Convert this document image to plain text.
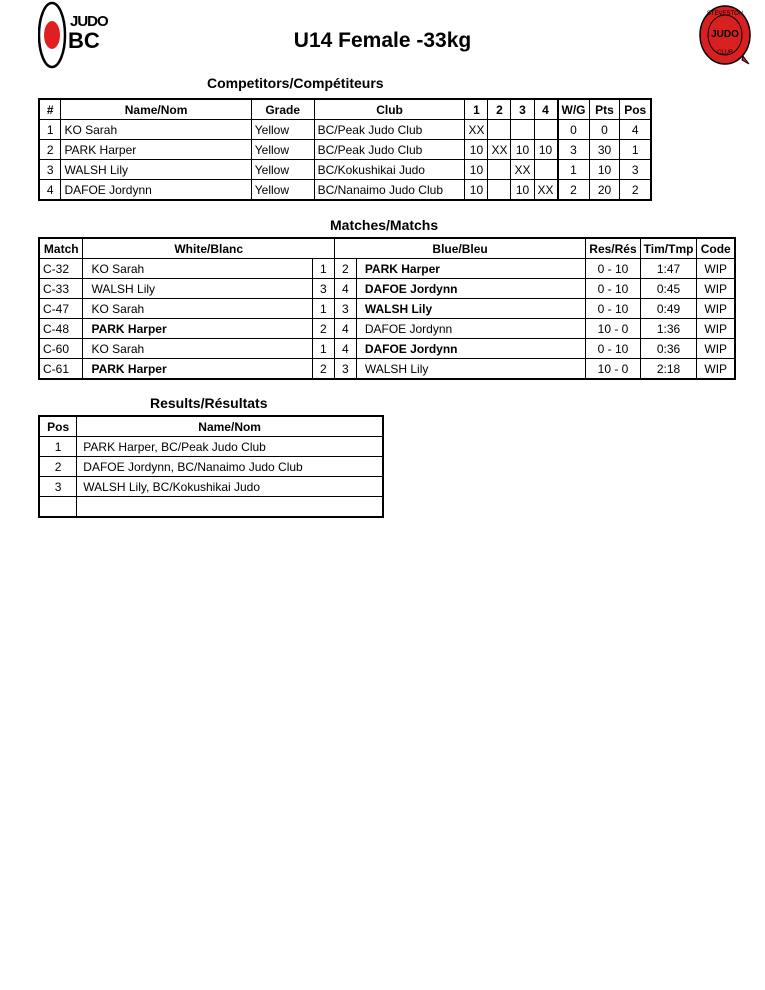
JUDO
BC	U14 Female -33kg
STEVESTON
JUDO
CLUB
Competitors/Compétiteurs
#	Name/Nom	Grade	Club	1	2	3	4	W/G	Pts	Pos
1	KO Sarah	Yellow	BC/Peak Judo Club	XX				0	0	4
2	PARK Harper	Yellow	BC/Peak Judo Club	10	XX	10	10	3	30	1
3	WALSH Lily	Yellow	BC/Kokushikai Judo	10		XX		1	10	3
4	DAFOE Jordynn	Yellow	BC/Nanaimo Judo Club	10		10	XX	2	20	2
Matches/Matchs
Match	White/Blanc		Blue/Bleu		Res/Rés	Tim/Tmp	Code
C-32	KO Sarah	1	2	PARK Harper	0 - 10	1:47	WIP
C-33	WALSH Lily	3	4	DAFOE Jordynn	0 - 10	0:45	WIP
C-47	KO Sarah	1	3	WALSH Lily	0 - 10	0:49	WIP
C-48	PARK Harper	2	4	DAFOE Jordynn	10 - 0	1:36	WIP
C-60	KO Sarah	1	4	DAFOE Jordynn	0 - 10	0:36	WIP
C-61	PARK Harper	2	3	WALSH Lily	10 - 0	2:18	WIP
Results/Résultats
Pos	Name/Nom
1	PARK Harper, BC/Peak Judo Club
2	DAFOE Jordynn, BC/Nanaimo Judo Club
3	WALSH Lily, BC/Kokushikai Judo
